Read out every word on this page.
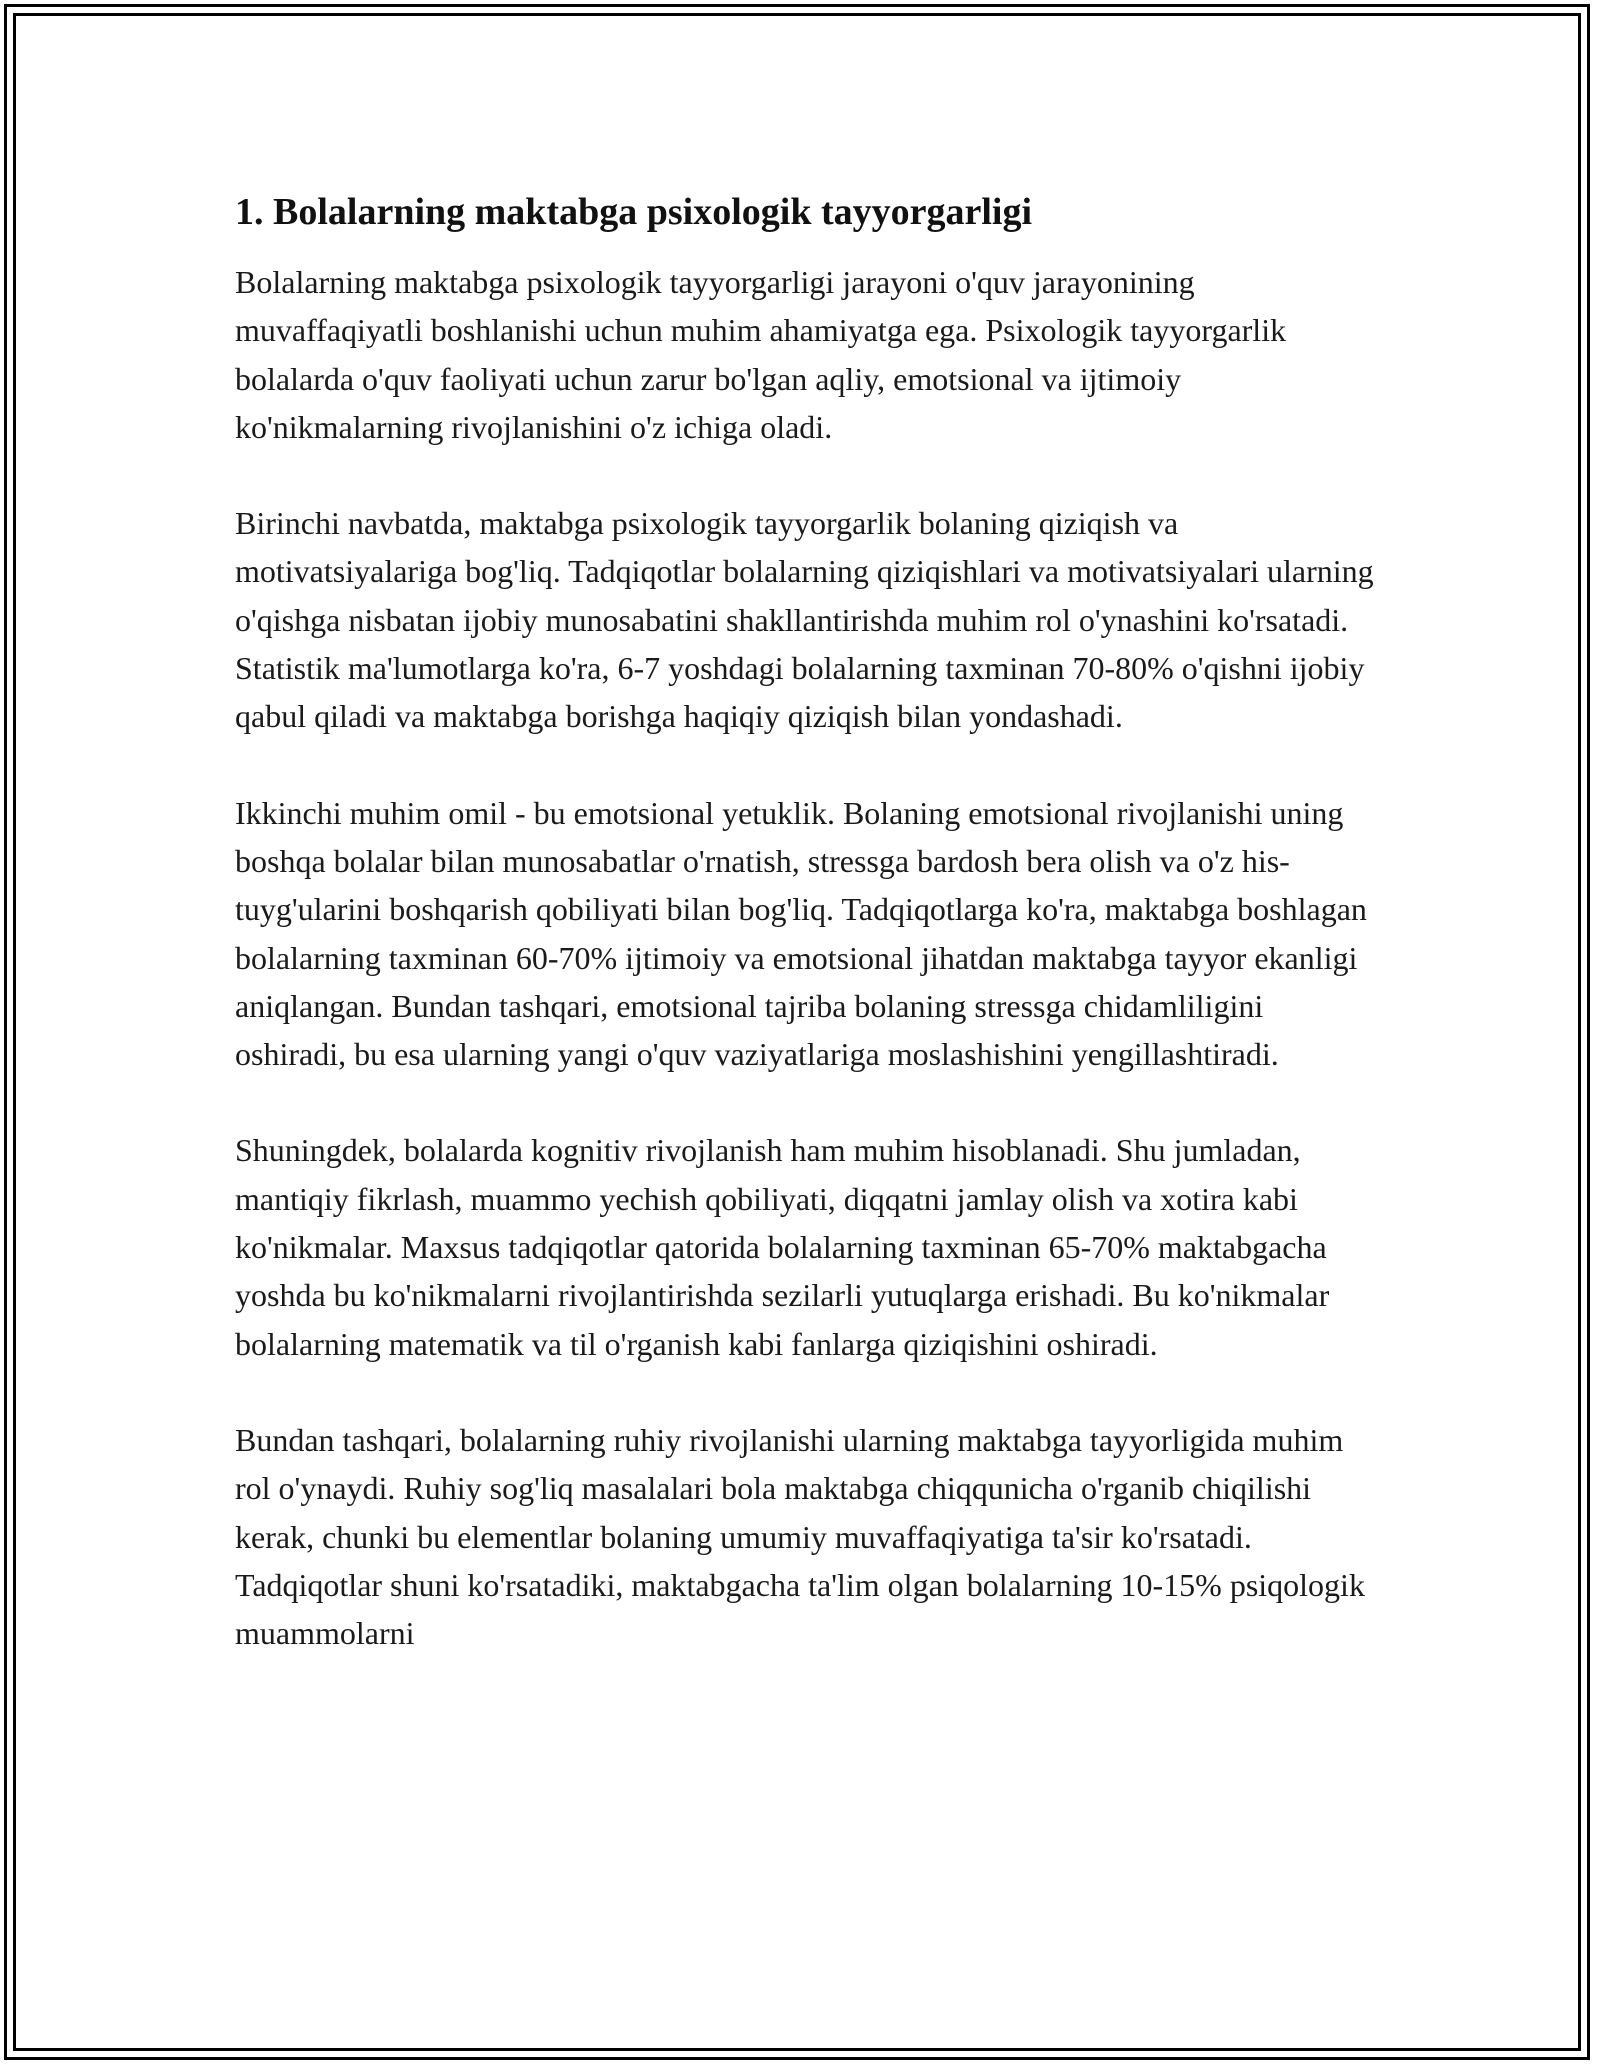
1. Bolalarning maktabga psixologik tayyorgarligi

Bolalarning maktabga psixologik tayyorgarligi jarayoni o'quv jarayonining muvaffaqiyatli boshlanishi uchun muhim ahamiyatga ega. Psixologik tayyorgarlik bolalarda o'quv faoliyati uchun zarur bo'lgan aqliy, emotsional va ijtimoiy ko'nikmalarning rivojlanishini o'z ichiga oladi.

Birinchi navbatda, maktabga psixologik tayyorgarlik bolaning qiziqish va motivatsiyalariga bog'liq. Tadqiqotlar bolalarning qiziqishlari va motivatsiyalari ularning o'qishga nisbatan ijobiy munosabatini shakllantirishda muhim rol o'ynashini ko'rsatadi. Statistik ma'lumotlarga ko'ra, 6-7 yoshdagi bolalarning taxminan 70-80% o'qishni ijobiy qabul qiladi va maktabga borishga haqiqiy qiziqish bilan yondashadi.

Ikkinchi muhim omil - bu emotsional yetuklik. Bolaning emotsional rivojlanishi uning boshqa bolalar bilan munosabatlar o'rnatish, stressga bardosh bera olish va o'z his-tuyg'ularini boshqarish qobiliyati bilan bog'liq. Tadqiqotlarga ko'ra, maktabga boshlagan bolalarning taxminan 60-70% ijtimoiy va emotsional jihatdan maktabga tayyor ekanligi aniqlangan. Bundan tashqari, emotsional tajriba bolaning stressga chidamliligini oshiradi, bu esa ularning yangi o'quv vaziyatlariga moslashishini yengillashtiradi.

Shuningdek, bolalarda kognitiv rivojlanish ham muhim hisoblanadi. Shu jumladan, mantiqiy fikrlash, muammo yechish qobiliyati, diqqatni jamlay olish va xotira kabi ko'nikmalar. Maxsus tadqiqotlar qatorida bolalarning taxminan 65-70% maktabgacha yoshda bu ko'nikmalarni rivojlantirishda sezilarli yutuqlarga erishadi. Bu ko'nikmalar bolalarning matematik va til o'rganish kabi fanlarga qiziqishini oshiradi.

Bundan tashqari, bolalarning ruhiy rivojlanishi ularning maktabga tayyorligida muhim rol o'ynaydi. Ruhiy sog'liq masalalari bola maktabga chiqqunicha o'rganib chiqilishi kerak, chunki bu elementlar bolaning umumiy muvaffaqiyatiga ta'sir ko'rsatadi. Tadqiqotlar shuni ko'rsatadiki, maktabgacha ta'lim olgan bolalarning 10-15% psiqologik muammolarni
